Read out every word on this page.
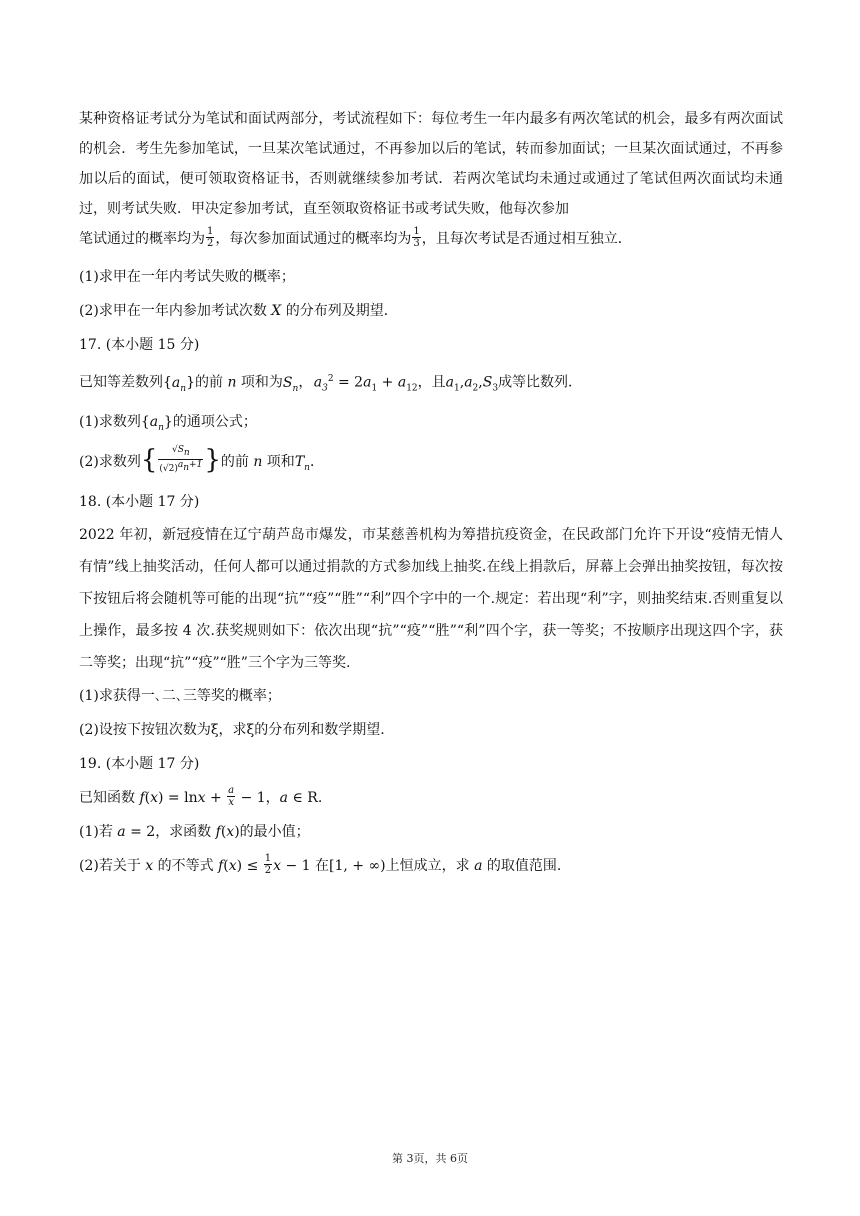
某种资格证考试分为笔试和面试两部分，考试流程如下：每位考生一年内最多有两次笔试的机会，最多有两次面试的机会．考生先参加笔试，一旦某次笔试通过，不再参加以后的笔试，转而参加面试；一旦某次面试通过，不再参加以后的面试，便可领取资格证书，否则就继续参加考试．若两次笔试均未通过或通过了笔试但两次面试均未通过，则考试失败．甲决定参加考试，直至领取资格证书或考试失败，他每次参加
笔试通过的概率均为 $\frac{1}{2}$ ，每次参加面试通过的概率均为 $\frac{1}{3}$ ，且每次考试是否通过相互独立．

(1)求甲在一年内考试失败的概率；

(2)求甲在一年内参加考试次数 X 的分布列及期望．

17. (本小题 15 分)

已知等差数列$\{a_n\}$的前 n 项和为$S_n$， $a_3^2 = 2a_1 + a_{12}$，且$a_1,a_2,S_3$成等比数列．

(1)求数列$\{a_n\}$的通项公式；

(2)求数列{ $\frac{√S_n}{(√2)^{a_n+1}}$ }的前 n 项和$T_n$．

18. (本小题 17 分)

2022 年初，新冠疫情在辽宁葫芦岛市爆发，市某慈善机构为筹措抗疫资金，在民政部门允许下开设“疫情无情人有情”线上抽奖活动，任何人都可以通过捐款的方式参加线上抽奖.在线上捐款后，屏幕上会弹出抽奖按钮，每次按下按钮后将会随机等可能的出现“抗”“疫”“胜”“利”四个字中的一个.规定：若出现“利”字，则抽奖结束.否则重复以上操作，最多按 4 次.获奖规则如下：依次出现“抗”“疫”“胜”“利”四个字，获一等奖；不按顺序出现这四个字，获二等奖；出现“抗”“疫”“胜”三个字为三等奖.

(1)求获得一､二､三等奖的概率；

(2)设按下按钮次数为ξ，求ξ的分布列和数学期望.

19. (本小题 17 分)

已知函数 $f(x) = \ln x + \frac{a}{x} - 1$，a ∈ R.

(1)若 a = 2，求函数 f(x)的最小值；

(2)若关于 x 的不等式 $f(x) \le \frac{1}{2}$ x − 1 在[1, + ∞)上恒成立，求 a 的取值范围.

第 3页，共 6页
